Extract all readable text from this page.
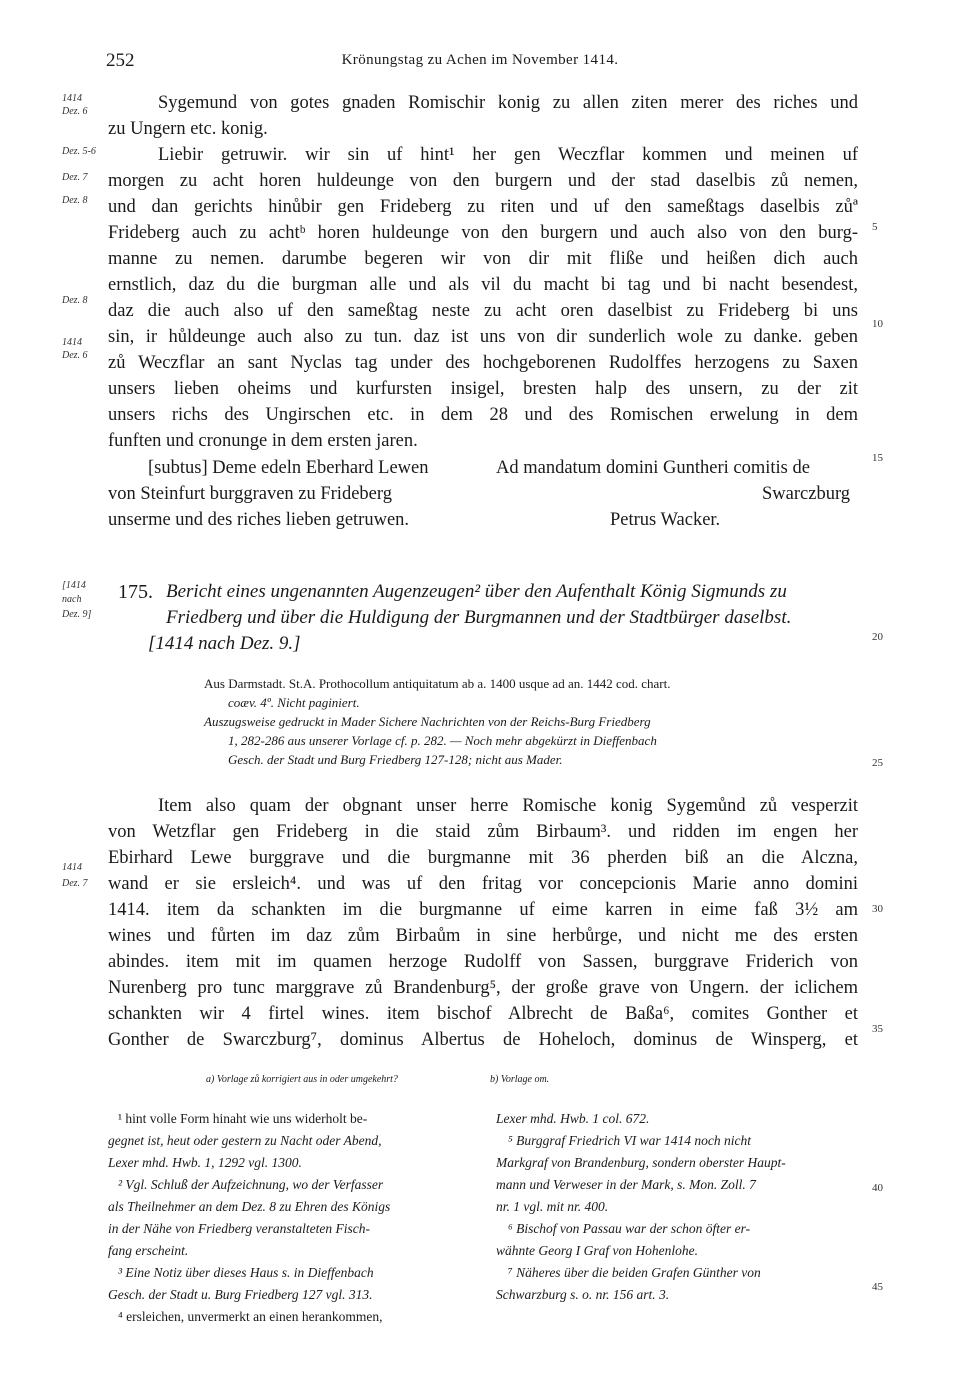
252	Krönungstag zu Achen im November 1414.
1414
Dez. 6
Dez. 5-6
Dez. 7
Dez. 8
Dez. 8
1414
Dez. 6
[1414
nach
Dez. 9]
1414
Dez. 7
5
10
15
20
25
30
35
40
45
Sygemund von gotes gnaden Romischir konig zu allen ziten merer des riches und
zu Ungern etc. konig.
Liebir getruwir. wir sin uf hint¹ her gen Weczflar kommen und meinen uf
morgen zu acht horen huldeunge von den burgern und der stad daselbis zů nemen,
und dan gerichts hinůbir gen Frideberg zu riten und uf den sameßtags daselbis zůª
Frideberg auch zu achtᵇ horen huldeunge von den burgern und auch also von den burg-
manne zu nemen. darumbe begeren wir von dir mit fliße und heißen dich auch
ernstlich, daz du die burgman alle und als vil du macht bi tag und bi nacht besendest,
daz die auch also uf den sameßtag neste zu acht oren daselbist zu Frideberg bi uns
sin, ir hůldeunge auch also zu tun. daz ist uns von dir sunderlich wole zu danke. geben
zů Weczflar an sant Nyclas tag under des hochgeborenen Rudolffes herzogens zu Saxen
unsers lieben oheims und kurfursten insigel, bresten halp des unsern, zu der zit
unsers richs des Ungirschen etc. in dem 28 und des Romischen erwelung in dem
funften und cronunge in dem ersten jaren.
[subtus] Deme edeln Eberhard Lewen
von Steinfurt burggraven zu Frideberg
unserme und des riches lieben getruwen.
Ad mandatum domini Guntheri comitis de
Swarczburg
Petrus Wacker.
175. Bericht eines ungenannten Augenzeugen² über den Aufenthalt König Sigmunds zu
Friedberg und über die Huldigung der Burgmannen und der Stadtbürger daselbst.
[1414 nach Dez. 9.]
Aus Darmstadt. St.A. Prothocollum antiquitatum ab a. 1400 usque ad an. 1442 cod. chart.
coæv. 4º. Nicht paginiert.
Auszugsweise gedruckt in Mader Sichere Nachrichten von der Reichs-Burg Friedberg
1, 282-286 aus unserer Vorlage cf. p. 282. — Noch mehr abgekürzt in Dieffenbach
Gesch. der Stadt und Burg Friedberg 127-128; nicht aus Mader.
Item also quam der obgnant unser herre Romische konig Sygemůnd zů vesperzit
von Wetzflar gen Frideberg in die staid zům Birbaum³. und ridden im engen her
Ebirhard Lewe burggrave und die burgmanne mit 36 pherden biß an die Alczna,
wand er sie ersleich⁴. und was uf den fritag vor concepcionis Marie anno domini
1414. item da schankten im die burgmanne uf eime karren in eime faß 3½ am
wines und fůrten im daz zům Birbaům in sine herbůrge, und nicht me des ersten
abindes. item mit im quamen herzoge Rudolff von Sassen, burggrave Friderich von
Nurenberg pro tunc marggrave zů Brandenburg⁵, der große grave von Ungern. der iclichem
schankten wir 4 firtel wines. item bischof Albrecht de Baßa⁶, comites Gonther et
Gonther de Swarczburg⁷, dominus Albertus de Hoheloch, dominus de Winsperg, et
a) Vorlage zů korrigiert aus in oder umgekehrt?	b) Vorlage om.
¹ hint volle Form hinaht wie uns widerholt be-
gegnet ist, heut oder gestern zu Nacht oder Abend,
Lexer mhd. Hwb. 1, 1292 vgl. 1300.
² Vgl. Schluß der Aufzeichnung, wo der Verfasser
als Theilnehmer an dem Dez. 8 zu Ehren des Königs
in der Nähe von Friedberg veranstalteten Fisch-
fang erscheint.
³ Eine Notiz über dieses Haus s. in Dieffenbach
Gesch. der Stadt u. Burg Friedberg 127 vgl. 313.
⁴ ersleichen, unvermerkt an einen herankommen,
Lexer mhd. Hwb. 1 col. 672.
⁵ Burggraf Friedrich VI war 1414 noch nicht
Markgraf von Brandenburg, sondern oberster Haupt-
mann und Verweser in der Mark, s. Mon. Zoll. 7
nr. 1 vgl. mit nr. 400.
⁶ Bischof von Passau war der schon öfter er-
wähnte Georg I Graf von Hohenlohe.
⁷ Näheres über die beiden Grafen Günther von
Schwarzburg s. o. nr. 156 art. 3.
